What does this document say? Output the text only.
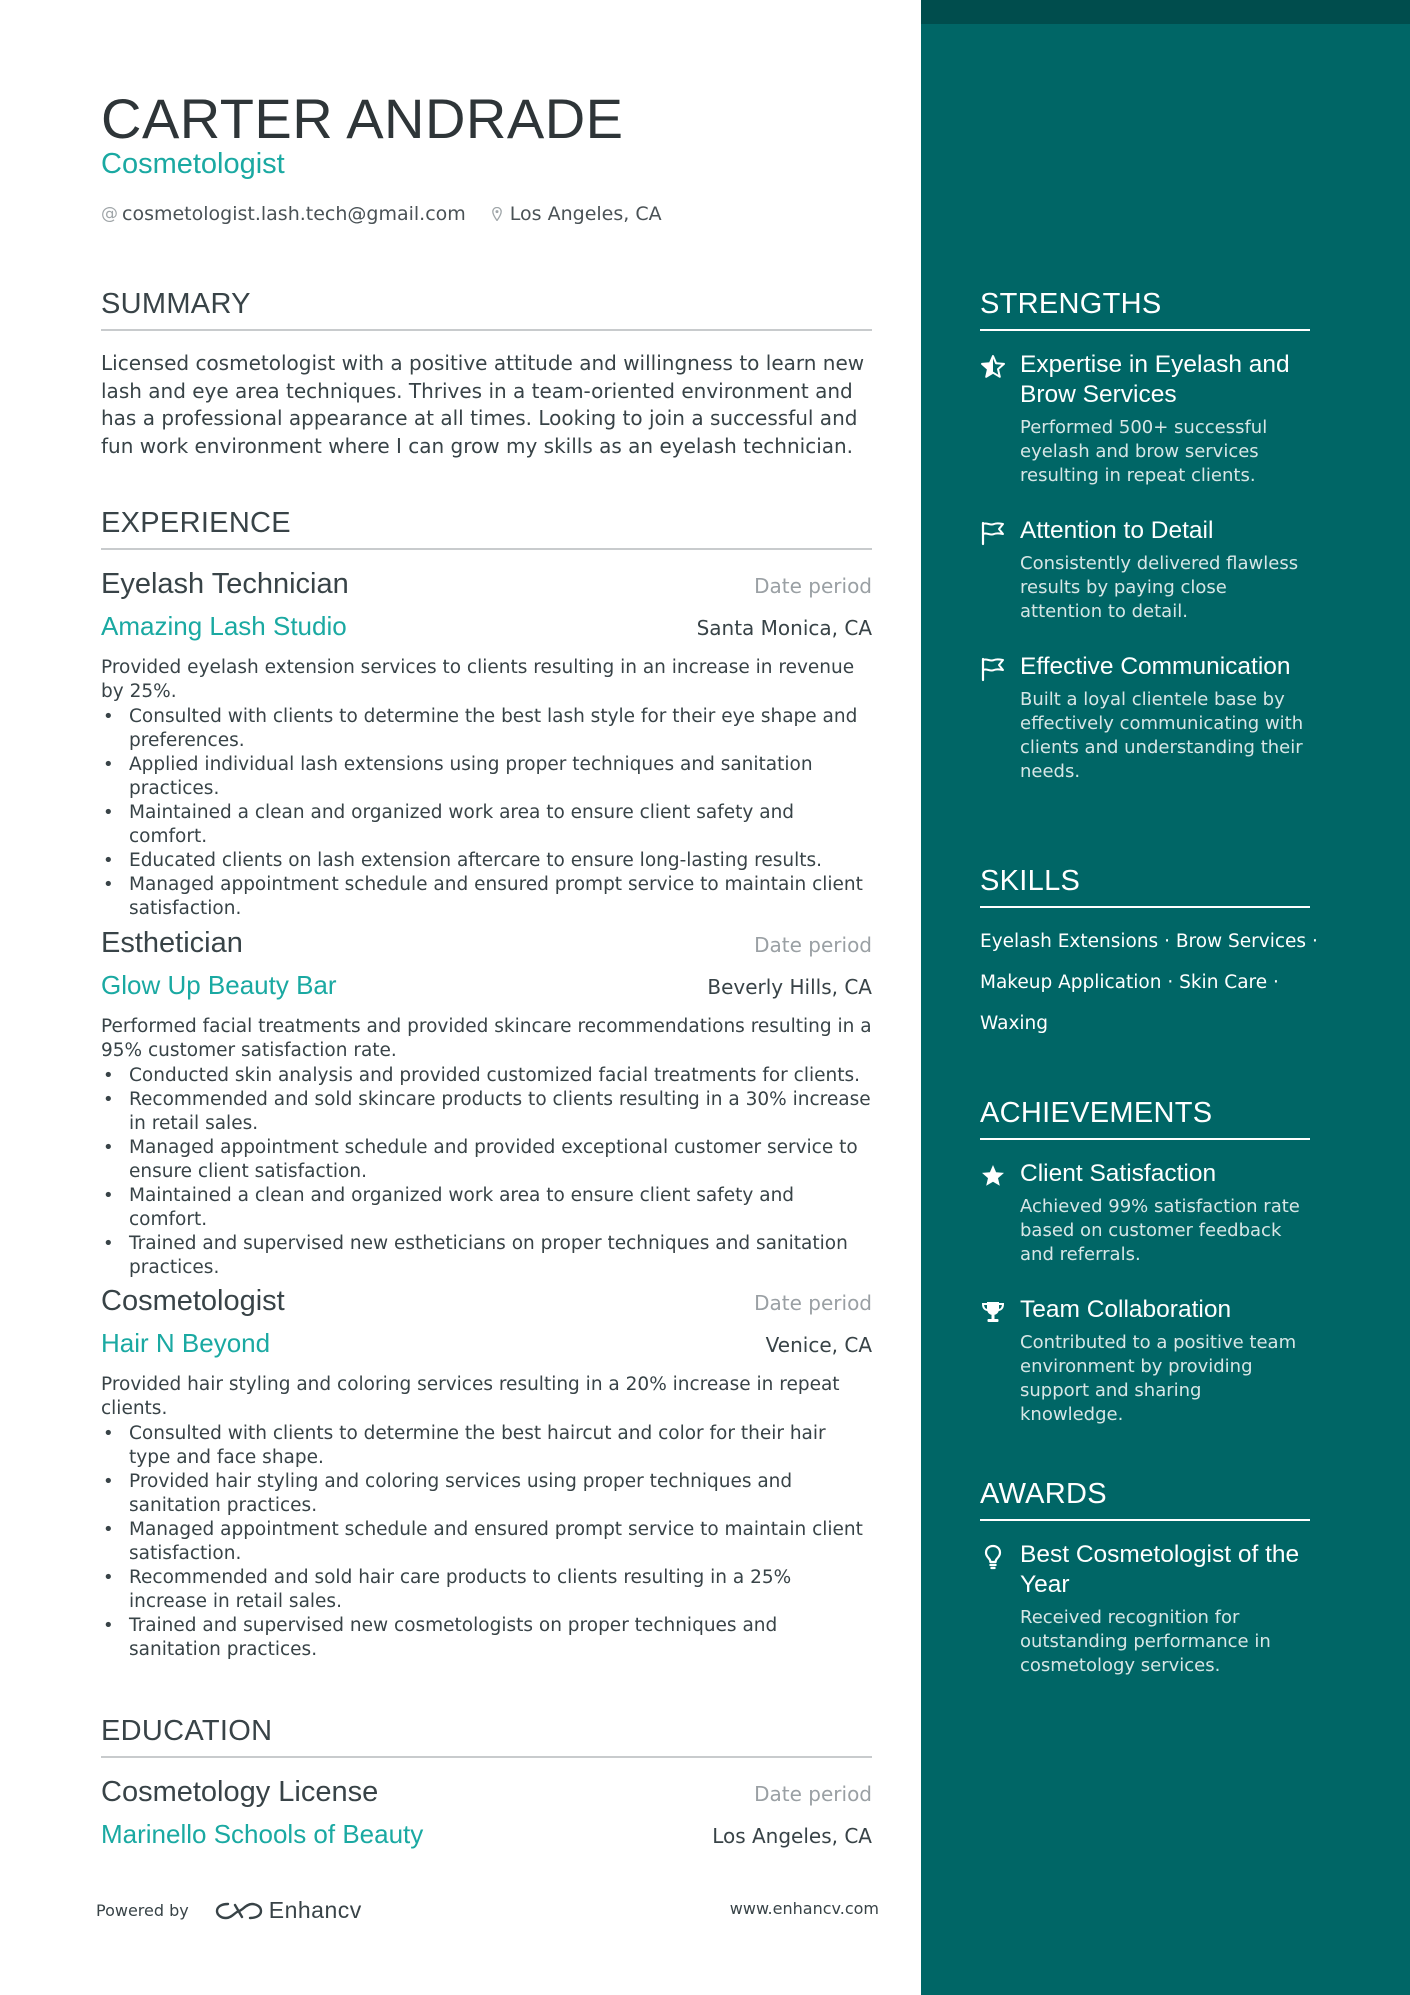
CARTER ANDRADE
Cosmetologist
@ cosmetologist.lash.tech@gmail.com Los Angeles, CA
SUMMARY
Licensed cosmetologist with a positive attitude and willingness to learn new lash and eye area techniques. Thrives in a team-oriented environment and has a professional appearance at all times. Looking to join a successful and fun work environment where I can grow my skills as an eyelash technician.
EXPERIENCE
Eyelash Technician	Date period
Amazing Lash Studio	Santa Monica, CA
Provided eyelash extension services to clients resulting in an increase in revenue by 25%.
• Consulted with clients to determine the best lash style for their eye shape and preferences.
• Applied individual lash extensions using proper techniques and sanitation practices.
• Maintained a clean and organized work area to ensure client safety and comfort.
• Educated clients on lash extension aftercare to ensure long-lasting results.
• Managed appointment schedule and ensured prompt service to maintain client satisfaction.
Esthetician	Date period
Glow Up Beauty Bar	Beverly Hills, CA
Performed facial treatments and provided skincare recommendations resulting in a 95% customer satisfaction rate.
• Conducted skin analysis and provided customized facial treatments for clients.
• Recommended and sold skincare products to clients resulting in a 30% increase in retail sales.
• Managed appointment schedule and provided exceptional customer service to ensure client satisfaction.
• Maintained a clean and organized work area to ensure client safety and comfort.
• Trained and supervised new estheticians on proper techniques and sanitation practices.
Cosmetologist	Date period
Hair N Beyond	Venice, CA
Provided hair styling and coloring services resulting in a 20% increase in repeat clients.
• Consulted with clients to determine the best haircut and color for their hair type and face shape.
• Provided hair styling and coloring services using proper techniques and sanitation practices.
• Managed appointment schedule and ensured prompt service to maintain client satisfaction.
• Recommended and sold hair care products to clients resulting in a 25% increase in retail sales.
• Trained and supervised new cosmetologists on proper techniques and sanitation practices.
EDUCATION
Cosmetology License	Date period
Marinello Schools of Beauty	Los Angeles, CA
Powered by	Enhancv	www.enhancv.com
STRENGTHS
Expertise in Eyelash and Brow Services
Performed 500+ successful eyelash and brow services resulting in repeat clients.
Attention to Detail
Consistently delivered flawless results by paying close attention to detail.
Effective Communication
Built a loyal clientele base by effectively communicating with clients and understanding their needs.
SKILLS
Eyelash Extensions · Brow Services ·
Makeup Application · Skin Care ·
Waxing
ACHIEVEMENTS
Client Satisfaction
Achieved 99% satisfaction rate based on customer feedback and referrals.
Team Collaboration
Contributed to a positive team environment by providing support and sharing knowledge.
AWARDS
Best Cosmetologist of the Year
Received recognition for outstanding performance in cosmetology services.
